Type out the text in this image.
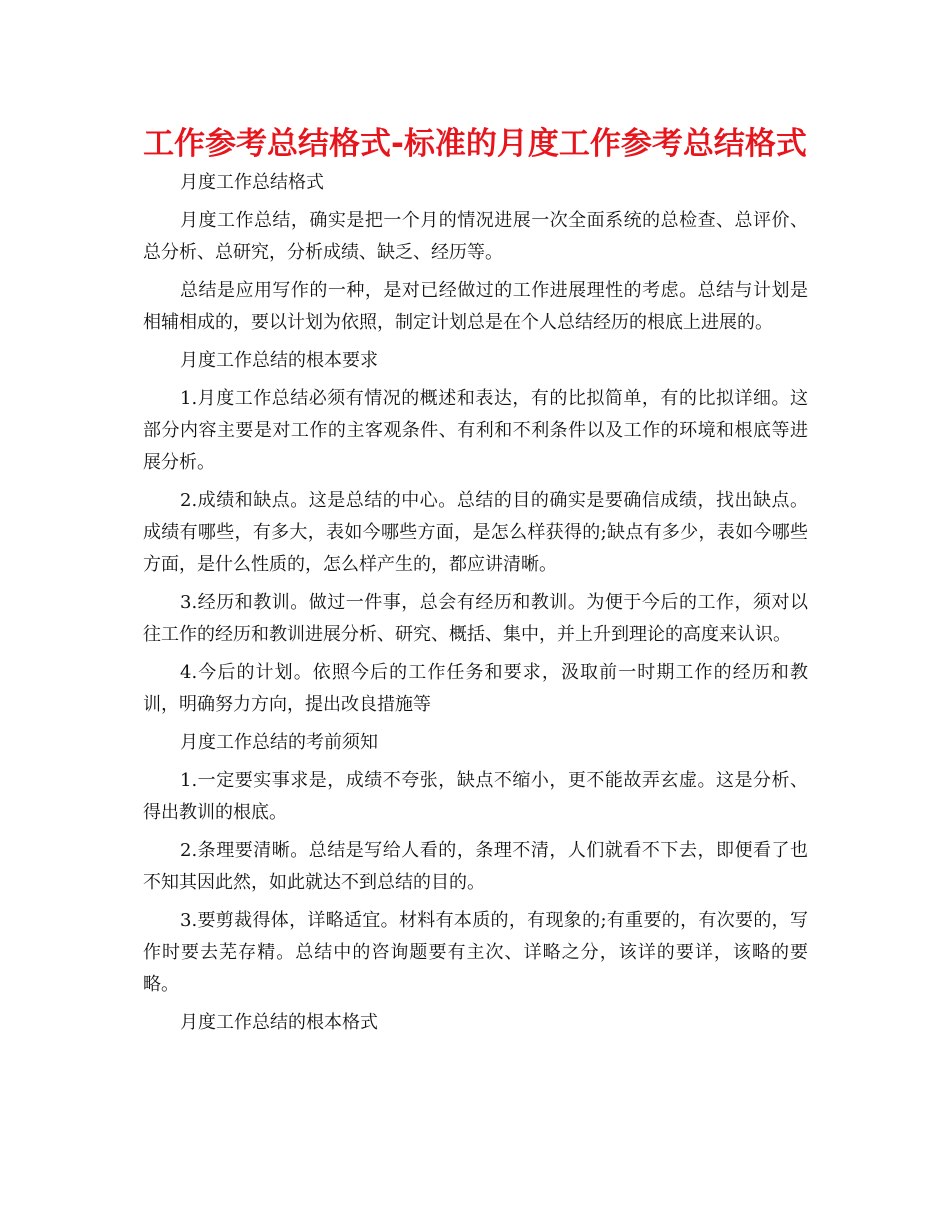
工作参考总结格式-标准的月度工作参考总结格式

月度工作总结格式

月度工作总结，确实是把一个月的情况进展一次全面系统的总检查、总评价、总分析、总研究，分析成绩、缺乏、经历等。

总结是应用写作的一种，是对已经做过的工作进展理性的考虑。总结与计划是相辅相成的，要以计划为依照，制定计划总是在个人总结经历的根底上进展的。

月度工作总结的根本要求

1.月度工作总结必须有情况的概述和表达，有的比拟简单，有的比拟详细。这部分内容主要是对工作的主客观条件、有利和不利条件以及工作的环境和根底等进展分析。

2.成绩和缺点。这是总结的中心。总结的目的确实是要确信成绩，找出缺点。成绩有哪些，有多大，表如今哪些方面，是怎么样获得的;缺点有多少，表如今哪些方面，是什么性质的，怎么样产生的，都应讲清晰。

3.经历和教训。做过一件事，总会有经历和教训。为便于今后的工作，须对以往工作的经历和教训进展分析、研究、概括、集中，并上升到理论的高度来认识。

4.今后的计划。依照今后的工作任务和要求，汲取前一时期工作的经历和教训，明确努力方向，提出改良措施等

月度工作总结的考前须知

1.一定要实事求是，成绩不夸张，缺点不缩小，更不能故弄玄虚。这是分析、得出教训的根底。

2.条理要清晰。总结是写给人看的，条理不清，人们就看不下去，即便看了也不知其因此然，如此就达不到总结的目的。

3.要剪裁得体，详略适宜。材料有本质的，有现象的;有重要的，有次要的，写作时要去芜存精。总结中的咨询题要有主次、详略之分，该详的要详，该略的要略。

月度工作总结的根本格式
